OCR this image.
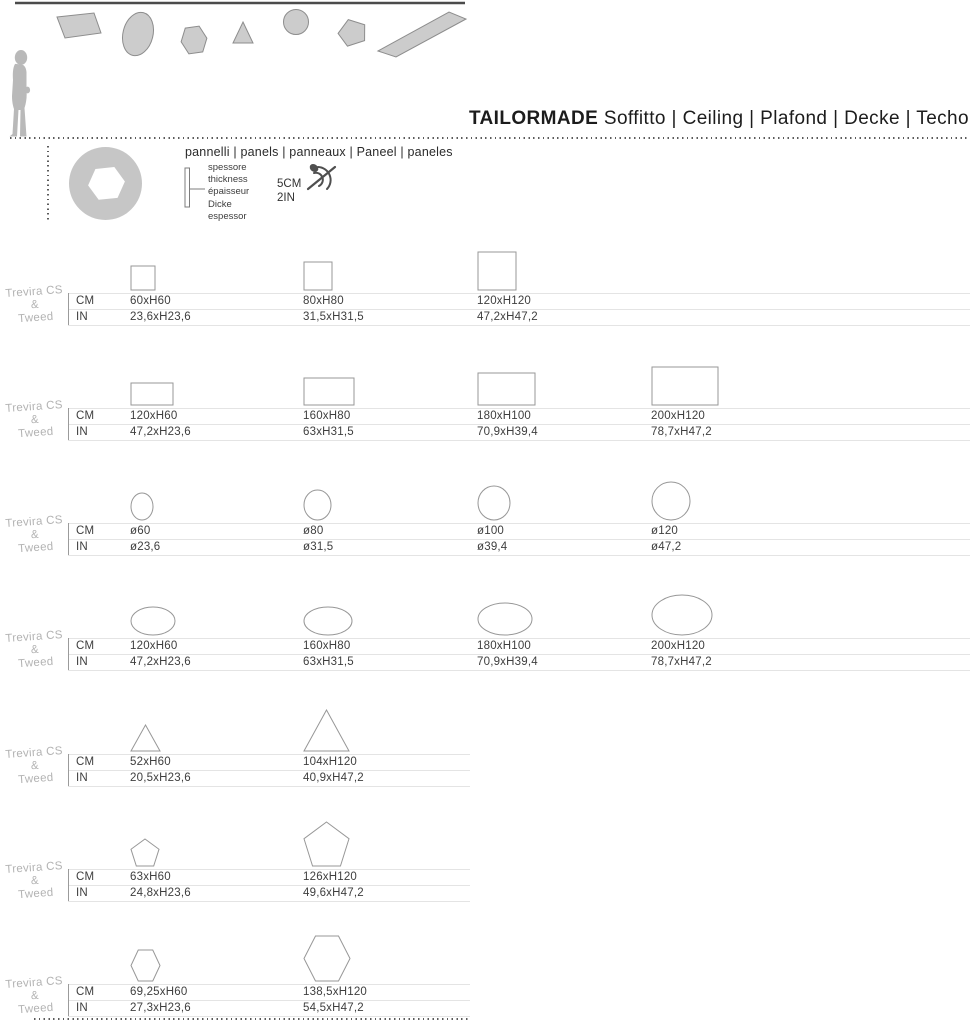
TAILORMADE Soffitto | Ceiling | Plafond | Decke | Techo
pannelli | panels | panneaux | Paneel | paneles
spessore
thickness
épaisseur
Dicke
espessor
5CM
2IN
Trevira CS
&
Tweed
CM
IN
60xH60
23,6xH23,6
80xH80
31,5xH31,5
120xH120
47,2xH47,2
Trevira CS
&
Tweed
CM
IN
120xH60
47,2xH23,6
160xH80
63xH31,5
180xH100
70,9xH39,4
200xH120
78,7xH47,2
Trevira CS
&
Tweed
CM
IN
ø60
ø23,6
ø80
ø31,5
ø100
ø39,4
ø120
ø47,2
Trevira CS
&
Tweed
CM
IN
120xH60
47,2xH23,6
160xH80
63xH31,5
180xH100
70,9xH39,4
200xH120
78,7xH47,2
Trevira CS
&
Tweed
CM
IN
52xH60
20,5xH23,6
104xH120
40,9xH47,2
Trevira CS
&
Tweed
CM
IN
63xH60
24,8xH23,6
126xH120
49,6xH47,2
Trevira CS
&
Tweed
CM
IN
69,25xH60
27,3xH23,6
138,5xH120
54,5xH47,2
